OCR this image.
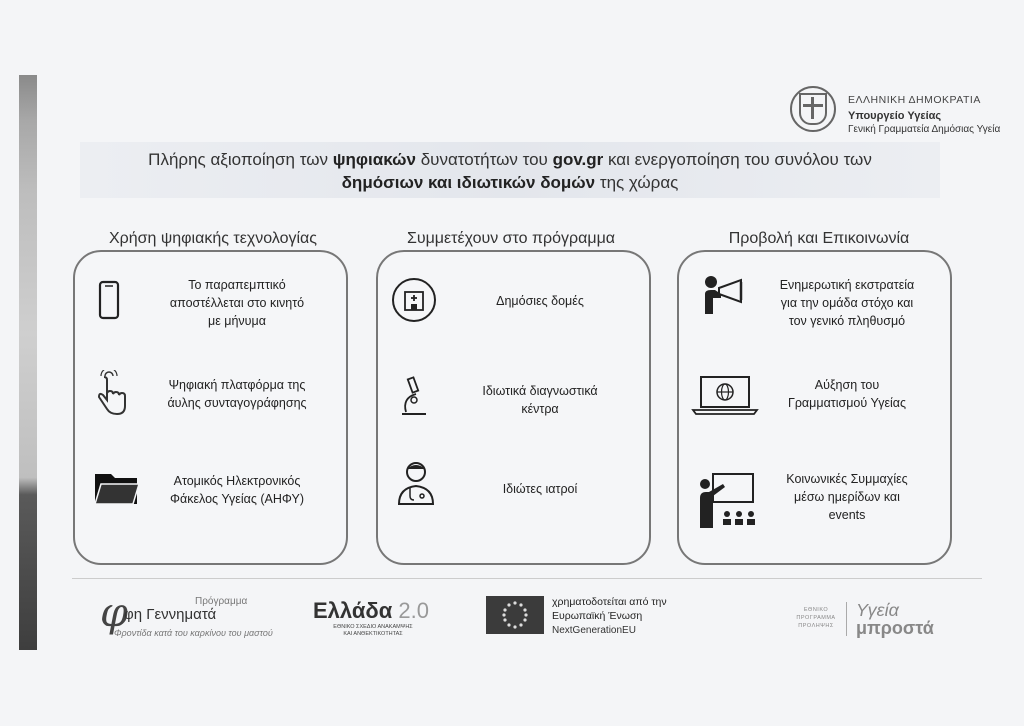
ΕΛΛΗΝΙΚΗ ΔΗΜΟΚΡΑΤΙΑ
Υπουργείο Υγείας
Γενική Γραμματεία Δημόσιας Υγεία
Πλήρης αξιοποίηση των ψηφιακών δυνατοτήτων του gov.gr και ενεργοποίηση του συνόλου των
δημόσιων και ιδιωτικών δομών της χώρας
Χρήση ψηφιακής τεχνολογίας
Το παραπεμπτικό
αποστέλλεται στο κινητό
με μήνυμα
Ψηφιακή πλατφόρμα της
άυλης συνταγογράφησης
Ατομικός Ηλεκτρονικός
Φάκελος Υγείας (ΑΗΦΥ)
Συμμετέχουν στο πρόγραμμα
Δημόσιες δομές
Ιδιωτικά διαγνωστικά
κέντρα
Ιδιώτες ιατροί
Προβολή και Επικοινωνία
Ενημερωτική εκστρατεία
για την ομάδα στόχο και
τον γενικό πληθυσμό
Αύξηση του
Γραμματισμού Υγείας
Κοινωνικές Συμμαχίες
μέσω ημερίδων και
events
φ	Πρόγραμμα
φη Γεννηματά
Φροντίδα κατά του καρκίνου του μαστού
Ελλάδα 2.0
ΕΘΝΙΚΟ ΣΧΕΔΙΟ ΑΝΑΚΑΜΨΗΣ
ΚΑΙ ΑΝΘΕΚΤΙΚΟΤΗΤΑΣ
χρηματοδοτείται από την
Ευρωπαϊκή Ένωση
NextGenerationEU
ΕΘΝΙΚΟ
ΠΡΟΓΡΑΜΜΑ
ΠΡΟΛΗΨΗΣ
Υγεία
μπροστά
